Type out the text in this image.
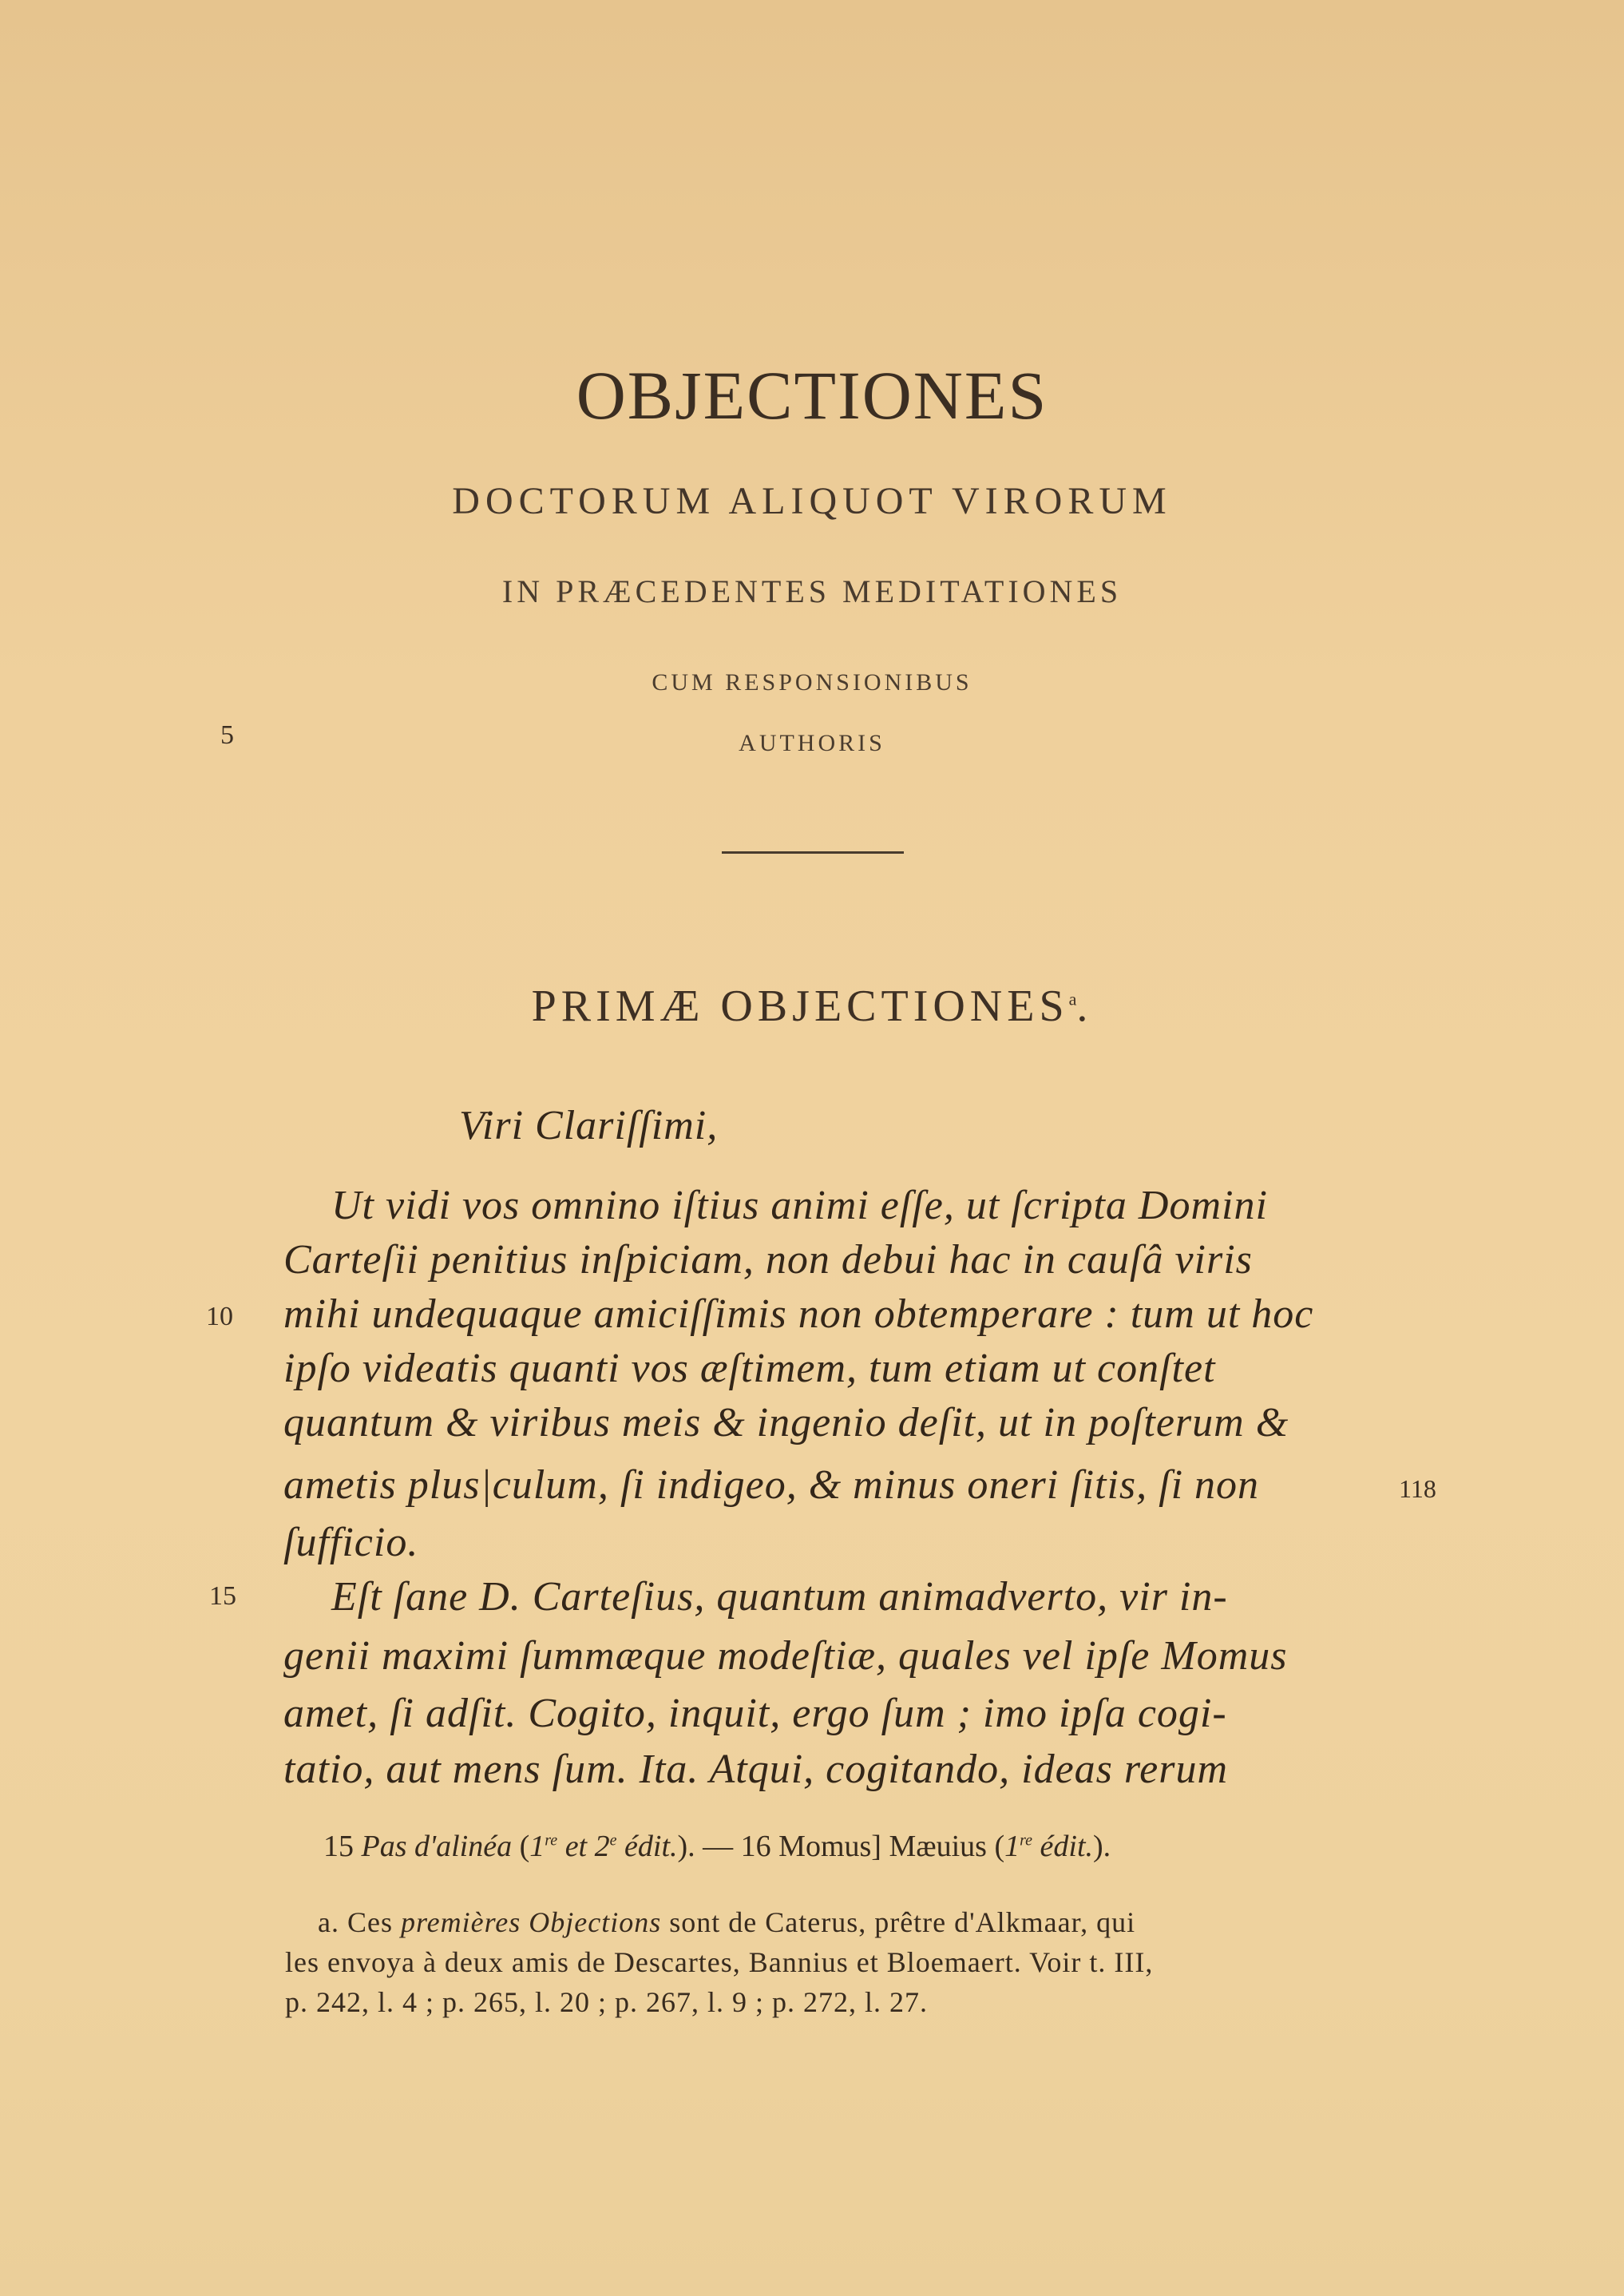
OBJECTIONES
DOCTORUM ALIQUOT VIRORUM
IN PRÆCEDENTES MEDITATIONES
CUM RESPONSIONIBUS
AUTHORIS
5
PRIMÆ OBJECTIONES$^a$.
Viri Clariſſimi,
Ut vidi vos omnino iſtius animi eſſe, ut ſcripta Domini
Carteſii penitius inſpiciam, non debui hac in cauſâ viris
mihi undequaque amiciſſimis non obtemperare : tum ut hoc
ipſo videatis quanti vos æſtimem, tum etiam ut conſtet
quantum & viribus meis & ingenio deſit, ut in poſterum &
ametis plus|culum, ſi indigeo, & minus oneri ſitis, ſi non
ſufficio.
Eſt ſane D. Carteſius, quantum animadverto, vir in-
genii maximi ſummæque modeſtiæ, quales vel ipſe Momus
amet, ſi adſit. Cogito, inquit, ergo ſum ; imo ipſa cogi-
tatio, aut mens ſum. Ita. Atqui, cogitando, ideas rerum
10
15
118
15 Pas d'alinéa (1re et 2e édit.). — 16 Momus] Mæuius (1re édit.).
a. Ces premières Objections sont de Caterus, prêtre d'Alkmaar, qui
les envoya à deux amis de Descartes, Bannius et Bloemaert. Voir t. III,
p. 242, l. 4 ; p. 265, l. 20 ; p. 267, l. 9 ; p. 272, l. 27.
